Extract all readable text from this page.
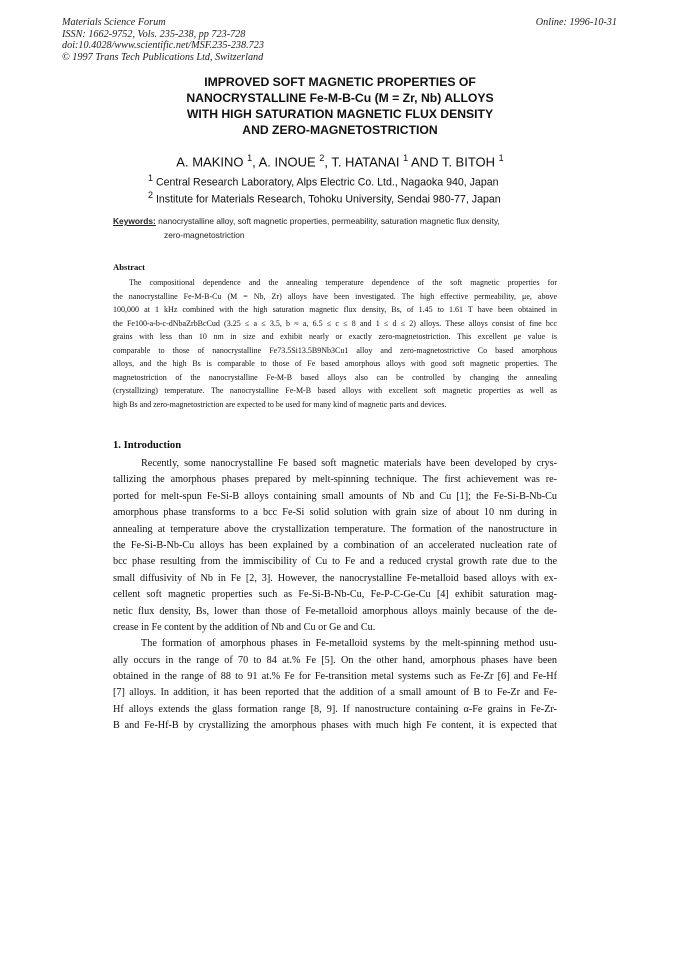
Materials Science Forum
ISSN: 1662-9752, Vols. 235-238, pp 723-728
doi:10.4028/www.scientific.net/MSF.235-238.723
© 1997 Trans Tech Publications Ltd, Switzerland
Online: 1996-10-31
IMPROVED SOFT MAGNETIC PROPERTIES OF
NANOCRYSTALLINE Fe-M-B-Cu (M = Zr, Nb) ALLOYS
WITH HIGH SATURATION MAGNETIC FLUX DENSITY
AND ZERO-MAGNETOSTRICTION
A. MAKINO $^1$, A. INOUE $^2$, T. HATANAI $^1$ AND T. BITOH $^1$
$^1$ Central Research Laboratory, Alps Electric Co. Ltd., Nagaoka 940, Japan
$^2$ Institute for Materials Research, Tohoku University, Sendai 980-77, Japan
Keywords: nanocrystalline alloy, soft magnetic properties, permeability, saturation magnetic flux density,
zero-magnetostriction
Abstract
The compositional dependence and the annealing temperature dependence of the soft magnetic properties for
the nanocrystalline Fe-M-B-Cu (M = Nb, Zr) alloys have been investigated. The high effective permeability, μe, above
100,000 at 1 kHz combined with the high saturation magnetic flux density, Bs, of 1.45 to 1.61 T have been obtained in
the Fe100-a-b-c-dNbaZrbBcCud (3.25 ≤ a ≤ 3.5, b ≈ a, 6.5 ≤ c ≤ 8 and 1 ≤ d ≤ 2) alloys. These alloys consist of fine bcc
grains with less than 10 nm in size and exhibit nearly or exactly zero-magnetostriction. This excellent μe value is
comparable to those of nanocrystalline Fe73.5Si13.5B9Nb3Cu1 alloy and zero-magnetostrictive Co based amorphous
alloys, and the high Bs is comparable to those of Fe based amorphous alloys with good soft magnetic properties. The
magnetostriction of the nanocrystalline Fe-M-B based alloys also can be controlled by changing the annealing
(crystallizing) temperature. The nanocrystalline Fe-M-B based alloys with excellent soft magnetic properties as well as
high Bs and zero-magnetostriction are expected to be used for many kind of magnetic parts and devices.
1. Introduction
Recently, some nanocrystalline Fe based soft magnetic materials have been developed by crys-
tallizing the amorphous phases prepared by melt-spinning technique. The first achievement was re-
ported for melt-spun Fe-Si-B alloys containing small amounts of Nb and Cu [1]; the Fe-Si-B-Nb-Cu
amorphous phase transforms to a bcc Fe-Si solid solution with grain size of about 10 nm during in
annealing at temperature above the crystallization temperature. The formation of the nanostructure in
the Fe-Si-B-Nb-Cu alloys has been explained by a combination of an accelerated nucleation rate of
bcc phase resulting from the immiscibility of Cu to Fe and a reduced crystal growth rate due to the
small diffusivity of Nb in Fe [2, 3]. However, the nanocrystalline Fe-metalloid based alloys with ex-
cellent soft magnetic properties such as Fe-Si-B-Nb-Cu, Fe-P-C-Ge-Cu [4] exhibit saturation mag-
netic flux density, Bs, lower than those of Fe-metalloid amorphous alloys mainly because of the de-
crease in Fe content by the addition of Nb and Cu or Ge and Cu.
The formation of amorphous phases in Fe-metalloid systems by the melt-spinning method usu-
ally occurs in the range of 70 to 84 at.% Fe [5]. On the other hand, amorphous phases have been
obtained in the range of 88 to 91 at.% Fe for Fe-transition metal systems such as Fe-Zr [6] and Fe-Hf
[7] alloys. In addition, it has been reported that the addition of a small amount of B to Fe-Zr and Fe-
Hf alloys extends the glass formation range [8, 9]. If nanostructure containing α-Fe grains in Fe-Zr-
B and Fe-Hf-B by crystallizing the amorphous phases with much high Fe content, it is expected that
